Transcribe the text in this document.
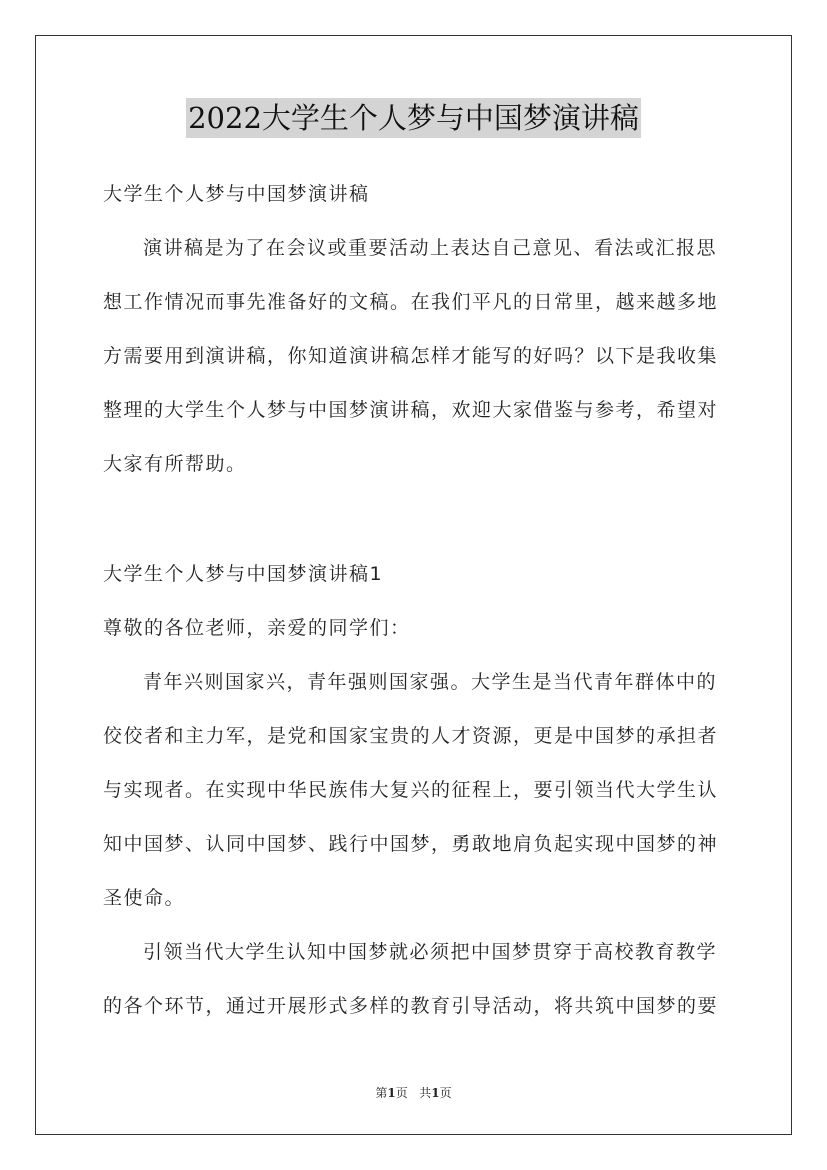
2022大学生个人梦与中国梦演讲稿
大学生个人梦与中国梦演讲稿
演讲稿是为了在会议或重要活动上表达自己意见、看法或汇报思
想工作情况而事先准备好的文稿。在我们平凡的日常里，越来越多地
方需要用到演讲稿，你知道演讲稿怎样才能写的好吗？以下是我收集
整理的大学生个人梦与中国梦演讲稿，欢迎大家借鉴与参考，希望对
大家有所帮助。
大学生个人梦与中国梦演讲稿1
尊敬的各位老师，亲爱的同学们：
青年兴则国家兴，青年强则国家强。大学生是当代青年群体中的
佼佼者和主力军，是党和国家宝贵的人才资源，更是中国梦的承担者
与实现者。在实现中华民族伟大复兴的征程上，要引领当代大学生认
知中国梦、认同中国梦、践行中国梦，勇敢地肩负起实现中国梦的神
圣使命。
引领当代大学生认知中国梦就必须把中国梦贯穿于高校教育教学
的各个环节，通过开展形式多样的教育引导活动，将共筑中国梦的要
第1页 共1页
